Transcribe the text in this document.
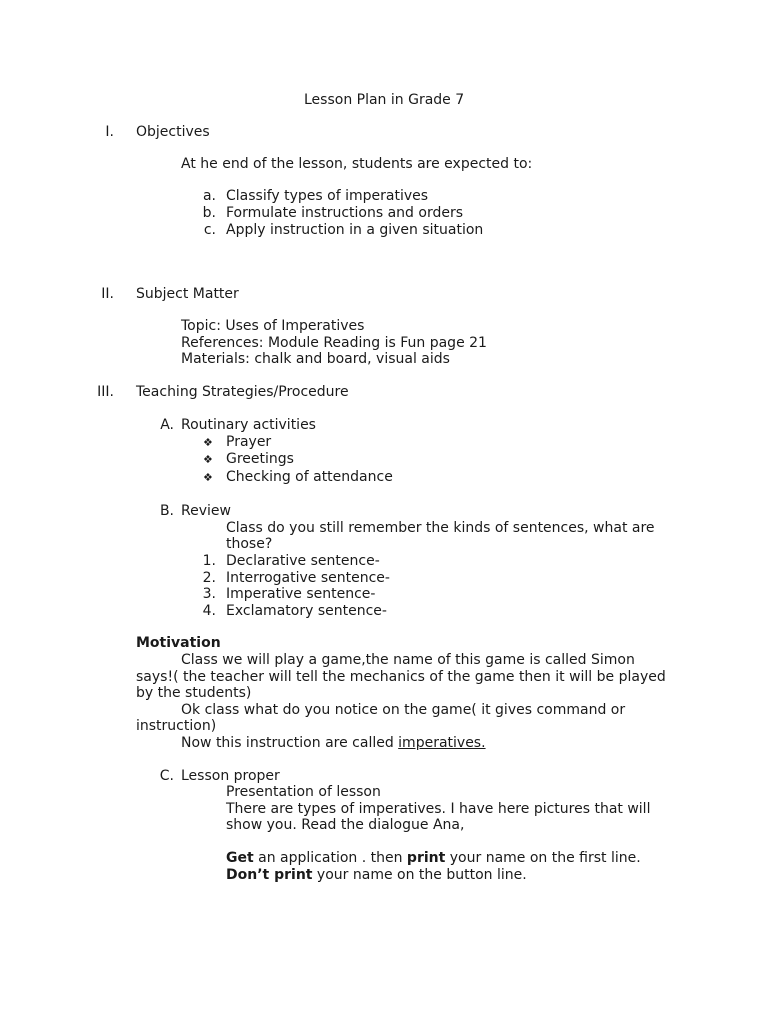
Lesson Plan in Grade 7
I. Objectives
At he end of the lesson, students are expected to:
a. Classify types of imperatives
b. Formulate instructions and orders
c. Apply instruction in a given situation
II. Subject Matter
Topic: Uses of Imperatives
References: Module Reading is Fun page 21
Materials: chalk and board, visual aids
III. Teaching Strategies/Procedure
A. Routinary activities
❖ Prayer
❖ Greetings
❖ Checking of attendance
B. Review
Class do you still remember the kinds of sentences, what are
those?
1. Declarative sentence-
2. Interrogative sentence-
3. Imperative sentence-
4. Exclamatory sentence-
Motivation
Class we will play a game,the name of this game is called Simon
says!( the teacher will tell the mechanics of the game then it will be played
by the students)
Ok class what do you notice on the game( it gives command or
instruction)
Now this instruction are called imperatives.
C. Lesson proper
Presentation of lesson
There are types of imperatives. I have here pictures that will
show you. Read the dialogue Ana,
Get an application . then print your name on the first line.
Don’t print your name on the button line.
